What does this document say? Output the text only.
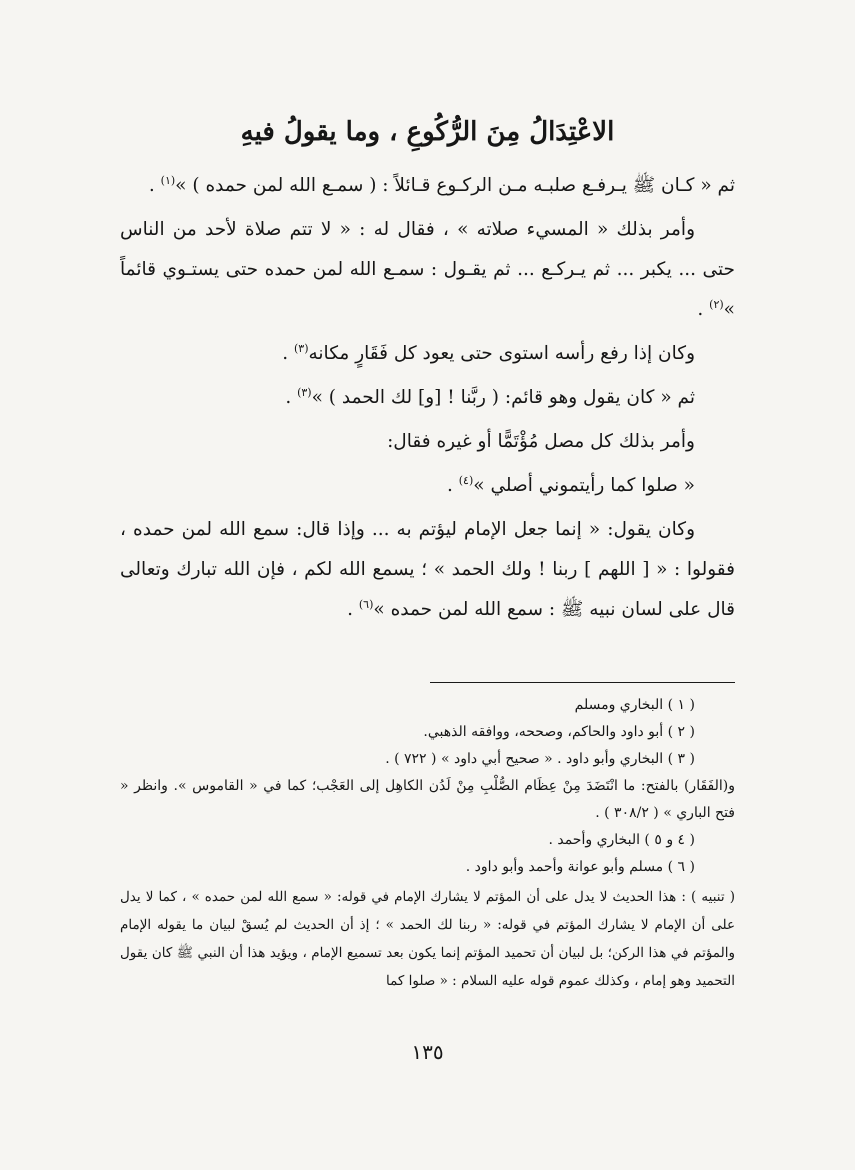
الاعْتِدَالُ مِنَ الرُّكُوعِ ، وما يقولُ فيهِ

ثم « كـان ﷺ يـرفـع صلبـه مـن الركـوع قـائلاً : ( سمـع الله لمن حمده ) »$^{(١)}$ .

وأمر بذلك « المسيء صلاته » ، فقال له : « لا تتم صلاة لأحد من الناس حتى ... يكبر ... ثم يـركـع ... ثم يقـول : سمـع الله لمن حمده حتى يستـوي قائماً »$^{(٢)}$ .

وكان إذا رفع رأسه استوى حتى يعود كل فَقَارٍ مكانه$^{(٣)}$ .

ثم « كان يقول وهو قائم: ( ربَّنا ! [و] لك الحمد ) »$^{(٣)}$ .

وأمر بذلك كل مصل مُؤْتَمًّا أو غيره فقال:

« صلوا كما رأيتموني أصلي »$^{(٤)}$ .

وكان يقول: « إنما جعل الإمام ليؤتم به ... وإذا قال: سمع الله لمن حمده ، فقولوا : « [ اللهم ] ربنا ! ولك الحمد » ؛ يسمع الله لكم ، فإن الله تبارك وتعالى قال على لسان نبيه ﷺ : سمع الله لمن حمده »$^{(٦)}$ .

( ١ ) البخاري ومسلم

( ٢ ) أبو داود والحاكم، وصححه، ووافقه الذهبي.

( ٣ ) البخاري وأبو داود . « صحيح أبي داود » ( ٧٢٢ ) .

و(الفَقَار) بالفتح: ما انْتَضَدَ مِنْ عِظَام الصُّلْبِ مِنْ لَدُن الكاهِل إلى العَجْب؛ كما في « القاموس ». وانظر « فتح الباري » ( ٣٠٨/٢ ) .

( ٤ و ٥ ) البخاري وأحمد .

( ٦ ) مسلم وأبو عوانة وأحمد وأبو داود .

( تنبيه ) : هذا الحديث لا يدل على أن المؤتم لا يشارك الإمام في قوله: « سمع الله لمن حمده » ، كما لا يدل على أن الإمام لا يشارك المؤتم في قوله: « ربنا لك الحمد » ؛ إذ أن الحديث لم يُسقْ لبيان ما يقوله الإمام والمؤتم في هذا الركن؛ بل لبيان أن تحميد المؤتم إنما يكون بعد تسميع الإمام ، ويؤيد هذا أن النبي ﷺ كان يقول التحميد وهو إمام ، وكذلك عموم قوله عليه السلام : « صلوا كما

١٣٥
